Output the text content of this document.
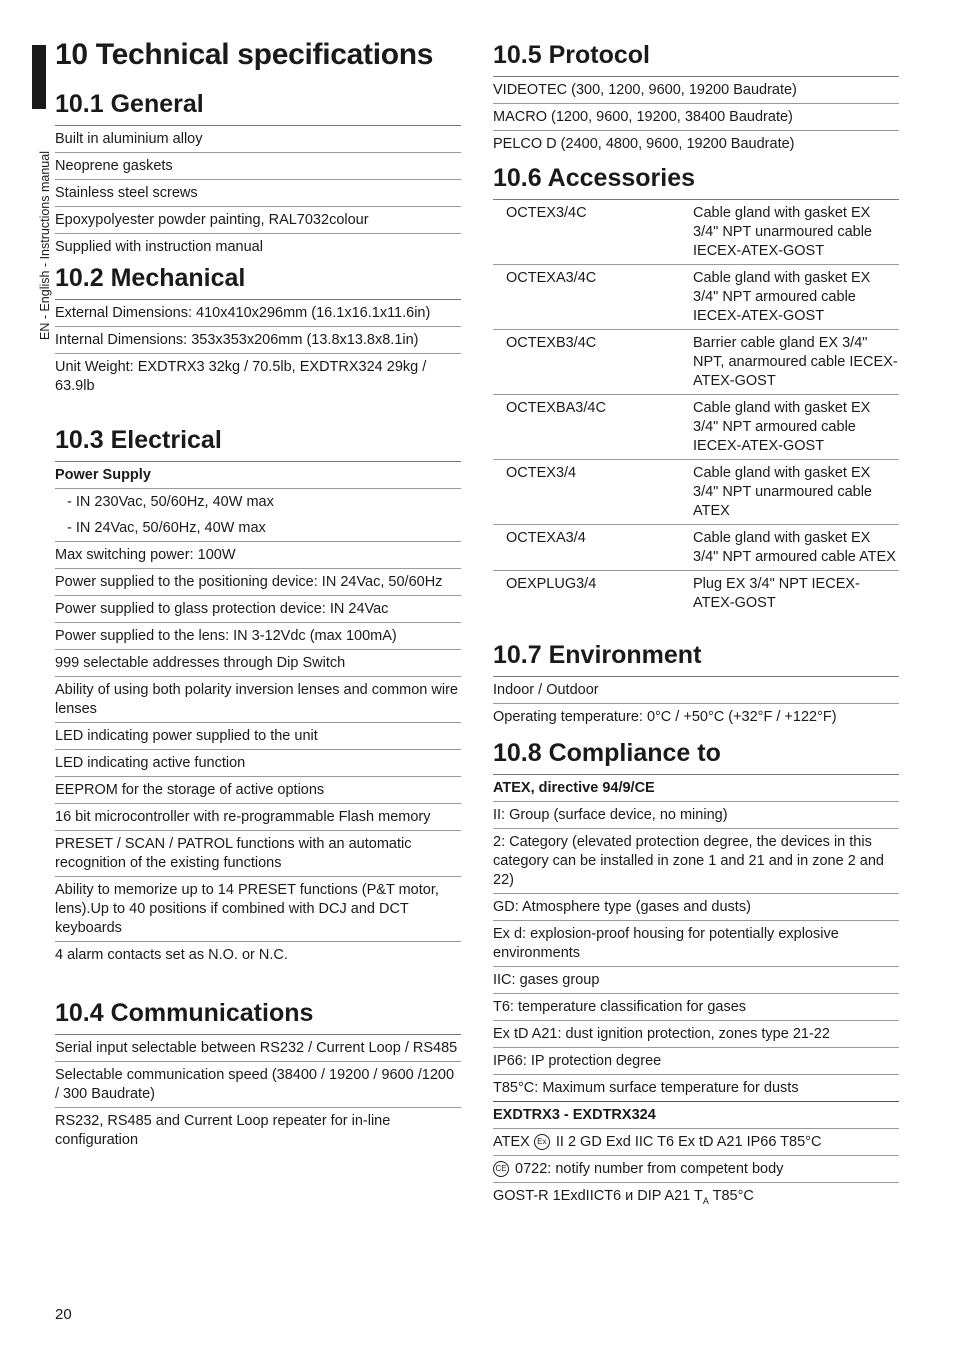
EN - English - Instructions manual
10 Technical specifications
10.1 General
Built in aluminium alloy
Neoprene gaskets
Stainless steel screws
Epoxypolyester powder painting, RAL7032colour
Supplied with instruction manual
10.2 Mechanical
External Dimensions: 410x410x296mm (16.1x16.1x11.6in)
Internal Dimensions: 353x353x206mm (13.8x13.8x8.1in)
Unit Weight: EXDTRX3 32kg / 70.5lb, EXDTRX324 29kg / 63.9lb
10.3 Electrical
Power Supply
- IN 230Vac, 50/60Hz, 40W max
- IN 24Vac, 50/60Hz, 40W max
Max switching power: 100W
Power supplied to the positioning device: IN 24Vac, 50/60Hz
Power supplied to glass protection device: IN 24Vac
Power supplied to the lens: IN 3-12Vdc (max 100mA)
999 selectable addresses through Dip Switch
Ability of using both polarity inversion lenses and common wire lenses
LED indicating power supplied to the unit
LED indicating active function
EEPROM for the storage of active options
16 bit microcontroller with re-programmable Flash memory
PRESET / SCAN / PATROL functions with an automatic recognition of the existing functions
Ability to memorize up to 14 PRESET functions (P&T motor, lens).Up to 40 positions if combined with DCJ and DCT keyboards
4 alarm contacts set as N.O. or N.C.
10.4 Communications
Serial input selectable between RS232 / Current Loop / RS485
Selectable communication speed (38400 / 19200 / 9600 /1200 / 300 Baudrate)
RS232, RS485 and Current Loop repeater for in-line configuration
10.5 Protocol
VIDEOTEC (300, 1200, 9600, 19200 Baudrate)
MACRO (1200, 9600, 19200, 38400 Baudrate)
PELCO D (2400, 4800, 9600, 19200 Baudrate)
10.6 Accessories
OCTEX3/4C	Cable gland with gasket EX 3/4" NPT unarmoured cable IECEX-ATEX-GOST
OCTEXA3/4C	Cable gland with gasket EX 3/4" NPT armoured cable IECEX-ATEX-GOST
OCTEXB3/4C	Barrier cable gland EX 3/4" NPT, anarmoured cable IECEX-ATEX-GOST
OCTEXBA3/4C	Cable gland with gasket EX 3/4" NPT armoured cable IECEX-ATEX-GOST
OCTEX3/4	Cable gland with gasket EX 3/4" NPT unarmoured cable ATEX
OCTEXA3/4	Cable gland with gasket EX 3/4" NPT armoured cable ATEX
OEXPLUG3/4	Plug EX 3/4" NPT IECEX-ATEX-GOST
10.7 Environment
Indoor / Outdoor
Operating temperature: 0°C / +50°C (+32°F / +122°F)
10.8 Compliance to
ATEX, directive 94/9/CE
II: Group (surface device, no mining)
2: Category (elevated protection degree, the devices in this category can be installed in zone 1 and 21 and in zone 2 and 22)
GD: Atmosphere type (gases and dusts)
Ex d: explosion-proof housing for potentially explosive environments
IIC: gases group
T6: temperature classification for gases
Ex tD A21: dust ignition protection, zones type 21-22
IP66: IP protection degree
T85°C: Maximum surface temperature for dusts
EXDTRX3 - EXDTRX324
ATEX Ex II 2 GD Exd IIC T6 Ex tD A21 IP66 T85°C
CE 0722: notify number from competent body
GOST-R 1ExdIICT6 и DIP A21 $T_A$ T85°C
20
